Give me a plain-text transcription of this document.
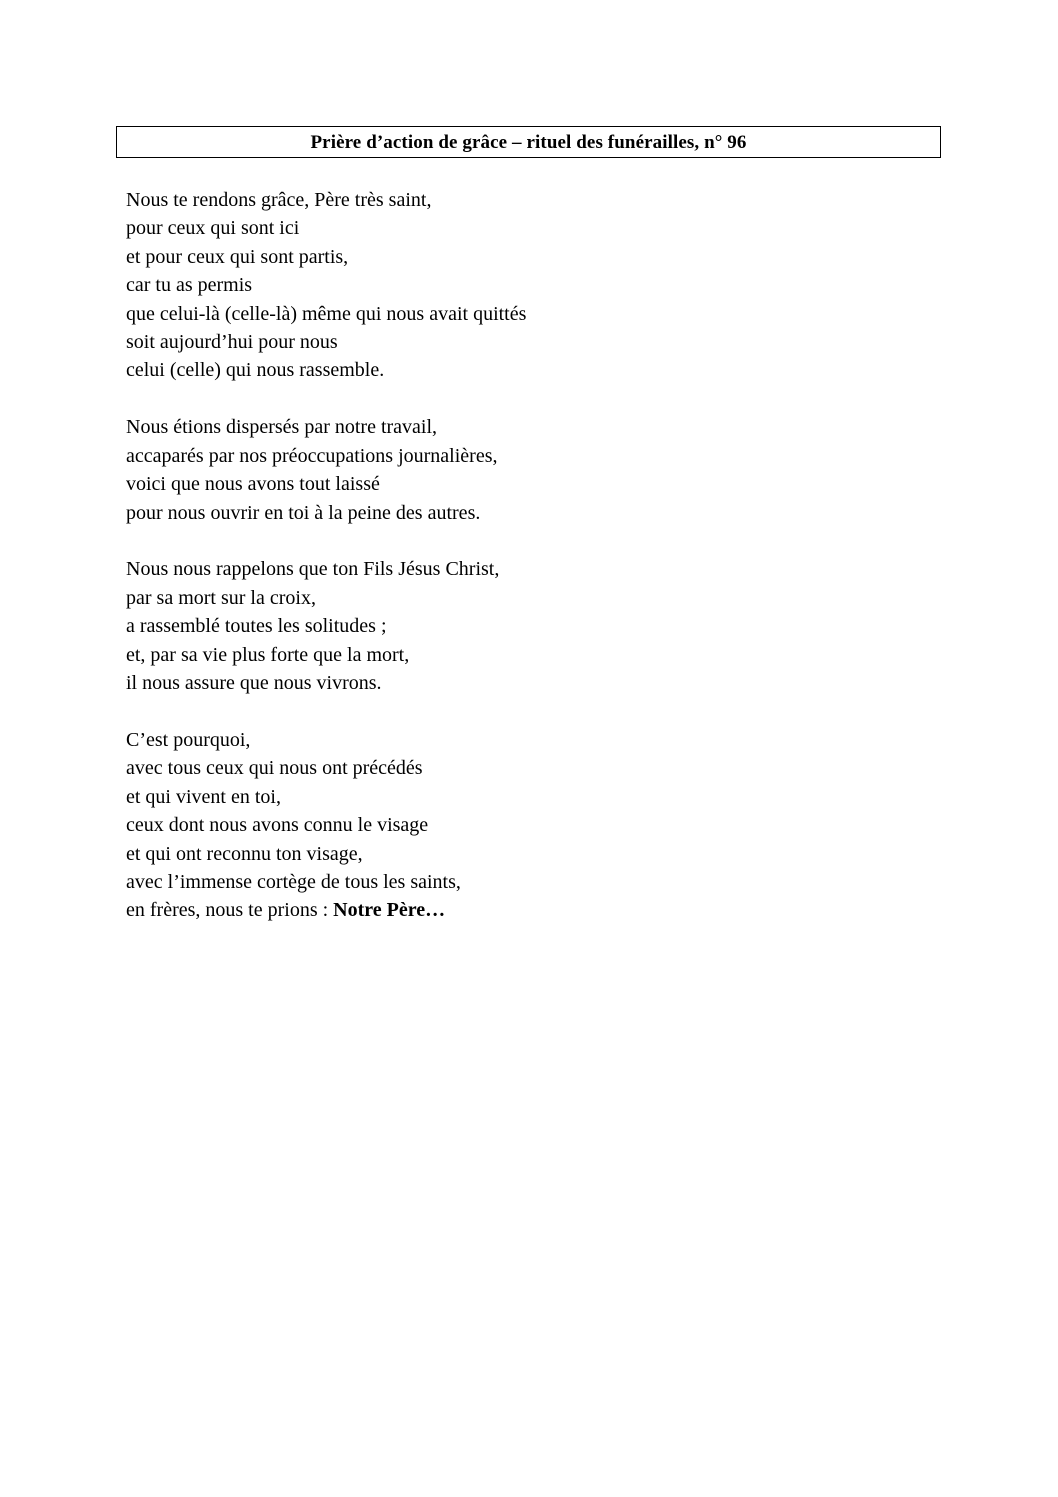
Prière d’action de grâce – rituel des funérailles, n° 96
Nous te rendons grâce, Père très saint,
pour ceux qui sont ici
et pour ceux qui sont partis,
car tu as permis
que celui-là (celle-là) même qui nous avait quittés
soit aujourd’hui pour nous
celui (celle) qui nous rassemble.
Nous étions dispersés par notre travail,
accaparés par nos préoccupations journalières,
voici que nous avons tout laissé
pour nous ouvrir en toi à la peine des autres.
Nous nous rappelons que ton Fils Jésus Christ,
par sa mort sur la croix,
a rassemblé toutes les solitudes ;
et, par sa vie plus forte que la mort,
il nous assure que nous vivrons.
C’est pourquoi,
avec tous ceux qui nous ont précédés
et qui vivent en toi,
ceux dont nous avons connu le visage
et qui ont reconnu ton visage,
avec l’immense cortège de tous les saints,
en frères, nous te prions : Notre Père…
